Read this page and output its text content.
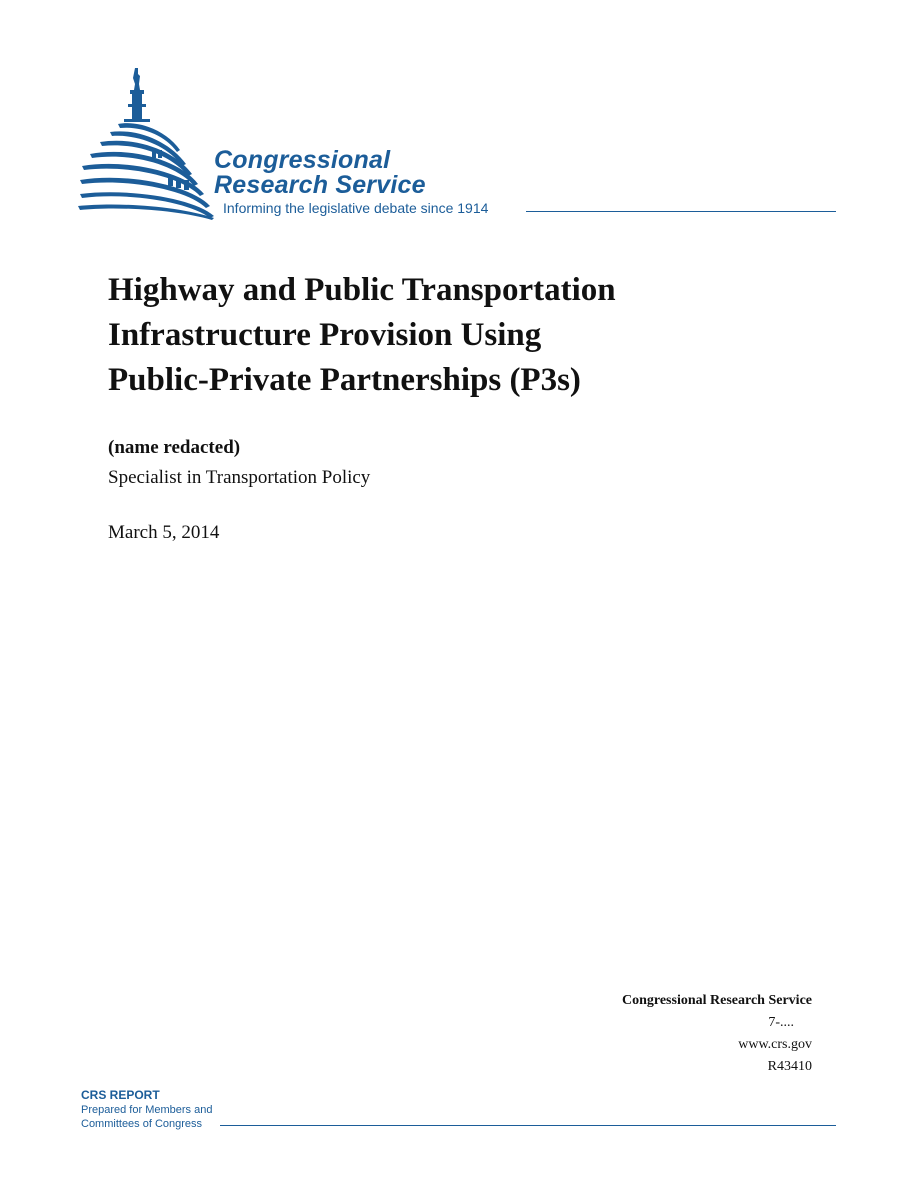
Congressional
Research Service
Informing the legislative debate since 1914
Highway and Public Transportation
Infrastructure Provision Using
Public-Private Partnerships (P3s)
(name redacted)
Specialist in Transportation Policy
March 5, 2014
Congressional Research Service
7-....
www.crs.gov
R43410
CRS REPORT
Prepared for Members and
Committees of Congress
